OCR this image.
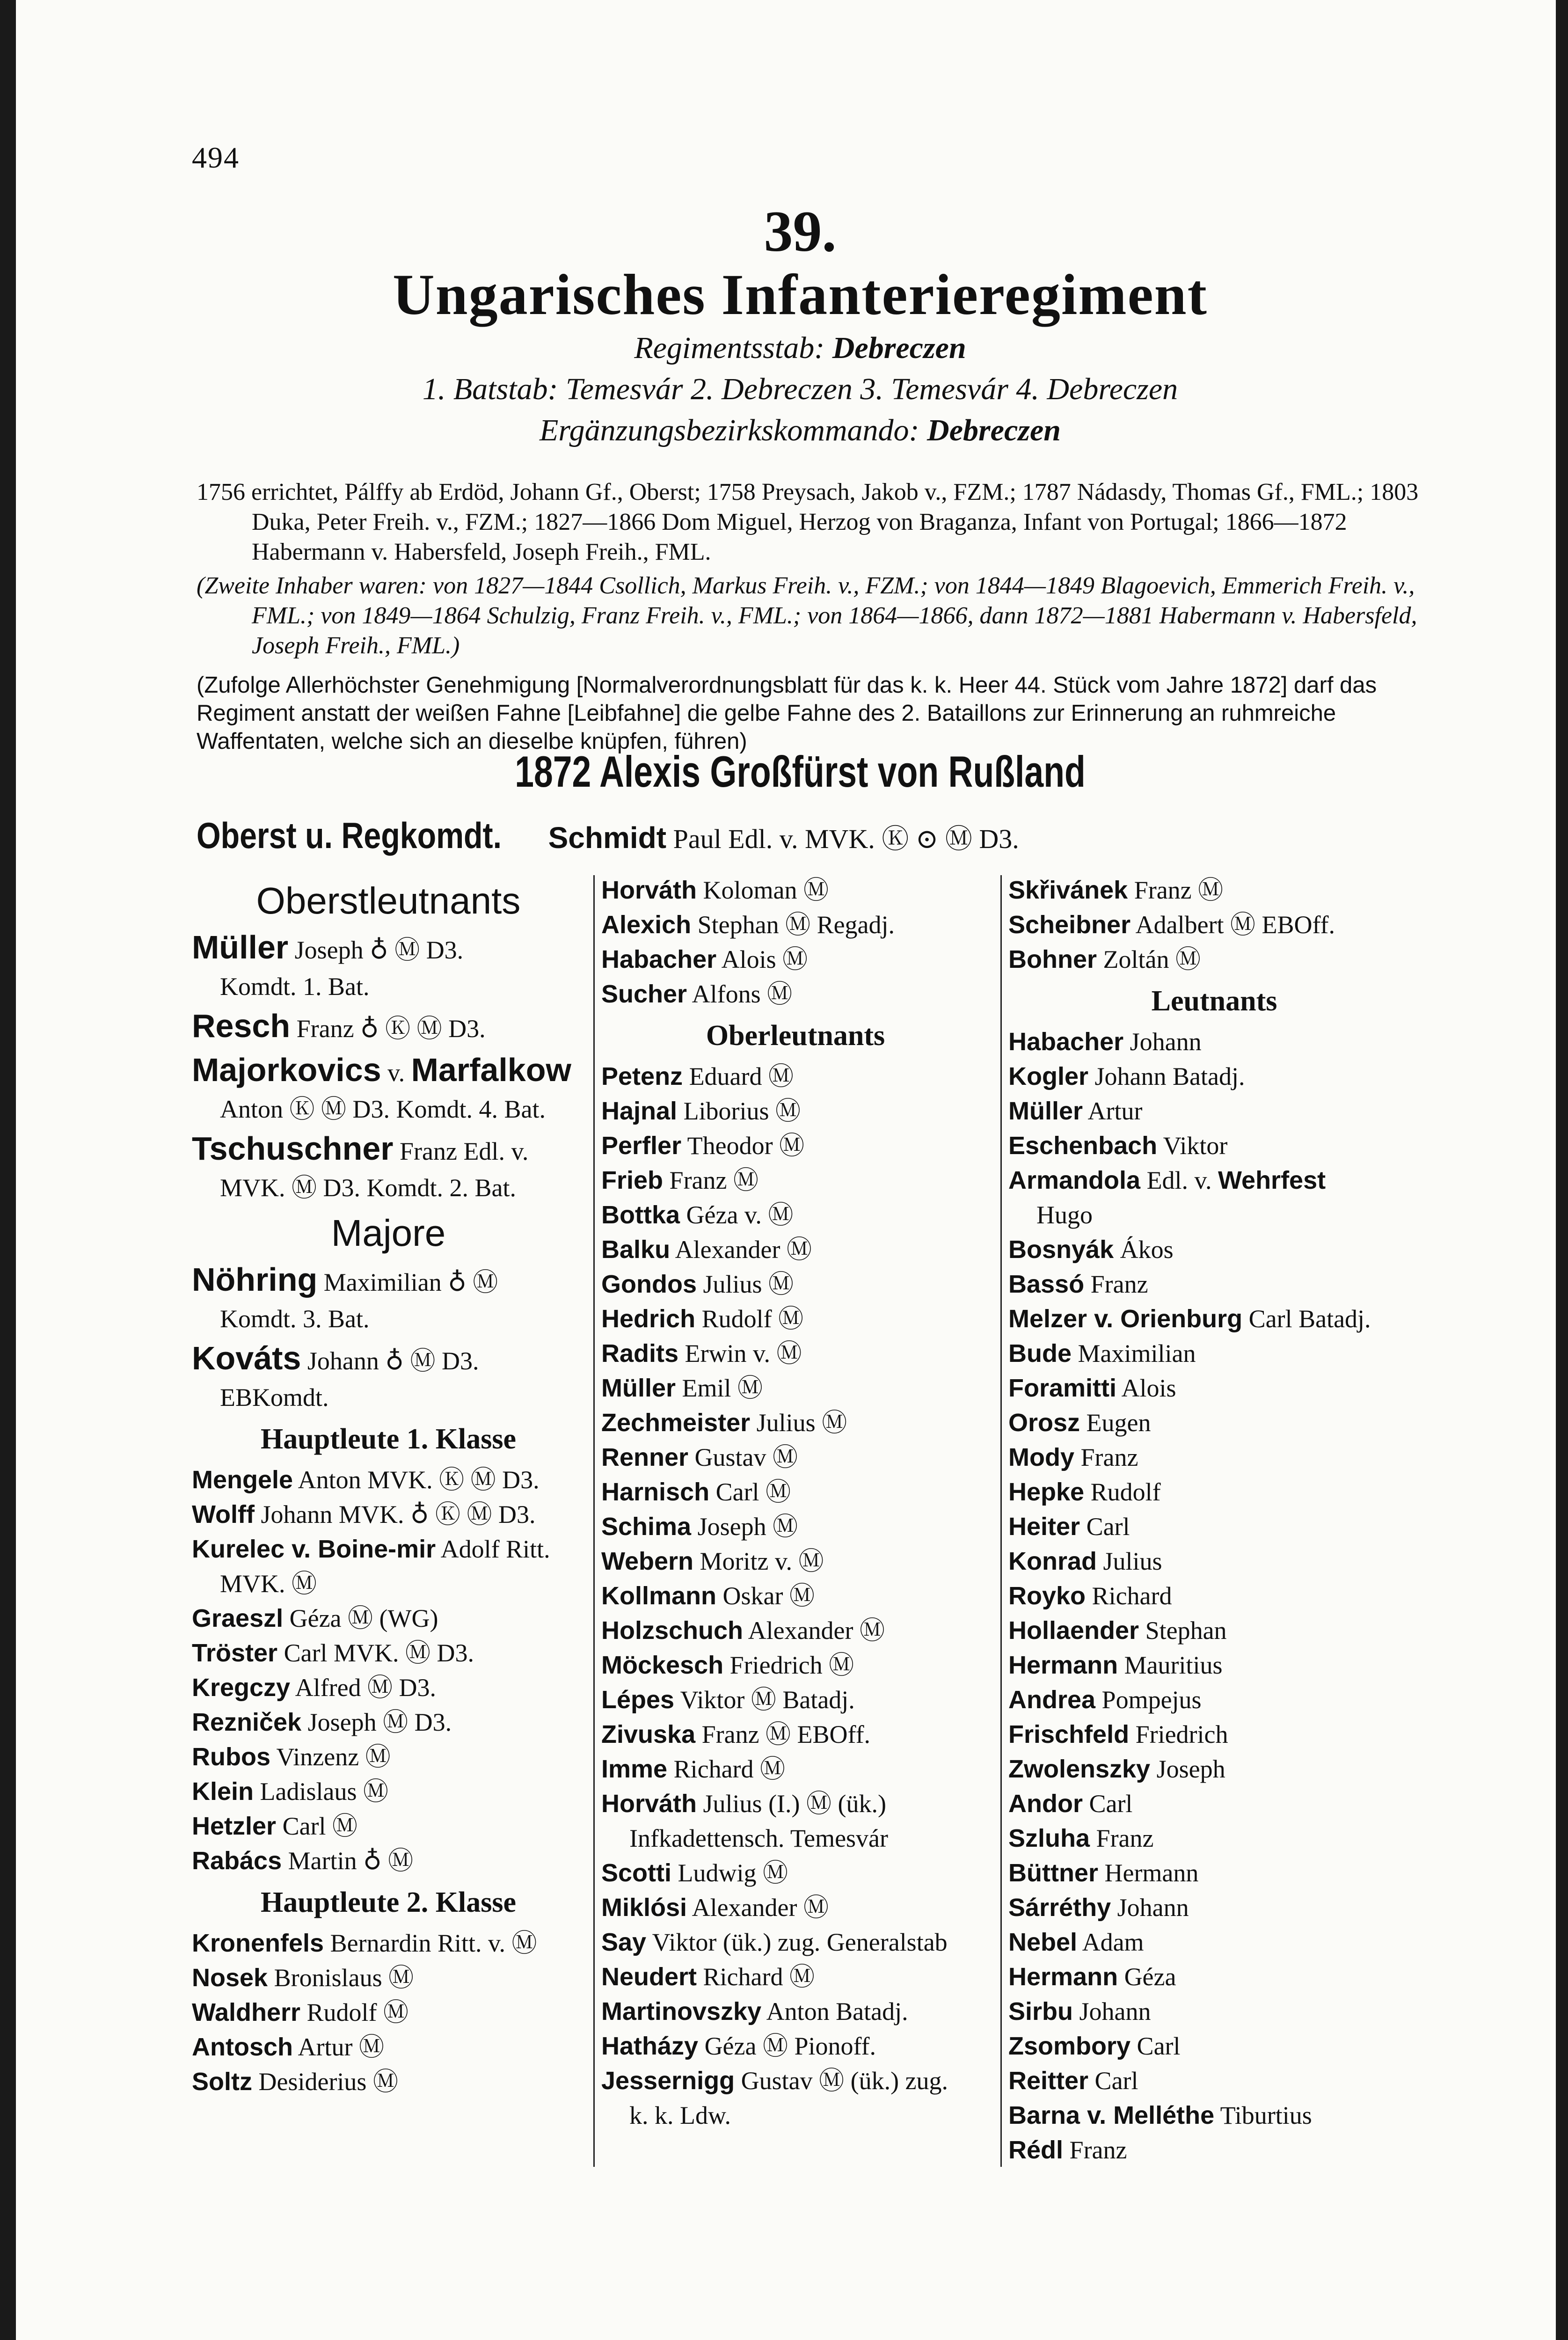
494
39.
Ungarisches Infanterieregiment
Regimentsstab: Debreczen
1. Batstab: Temesvár 2. Debreczen 3. Temesvár 4. Debreczen
Ergänzungsbezirkskommando: Debreczen

1756 errichtet, Pálffy ab Erdöd, Johann Gf., Oberst; 1758 Preysach, Jakob v., FZM.; 1787 Nádasdy, Thomas Gf., FML.; 1803 Duka, Peter Freih. v., FZM.; 1827—1866 Dom Miguel, Herzog von Braganza, Infant von Portugal; 1866—1872 Habermann v. Habersfeld, Joseph Freih., FML.

(Zweite Inhaber waren: von 1827—1844 Csollich, Markus Freih. v., FZM.; von 1844—1849 Blagoevich, Emmerich Freih. v., FML.; von 1849—1864 Schulzig, Franz Freih. v., FML.; von 1864—1866, dann 1872—1881 Habermann v. Habersfeld, Joseph Freih., FML.)

(Zufolge Allerhöchster Genehmigung [Normalverordnungsblatt für das k. k. Heer 44. Stück vom Jahre 1872] darf das Regiment anstatt der weißen Fahne [Leibfahne] die gelbe Fahne des 2. Bataillons zur Erinnerung an ruhmreiche Waffentaten, welche sich an dieselbe knüpfen, führen)

1872 Alexis Großfürst von Rußland
Oberst u. Regkomdt. Schmidt Paul Edl. v. MVK. Ⓚ ⊙ Ⓜ D3.
Oberstleutnants
Müller Joseph ♁ Ⓜ D3.
Komdt. 1. Bat.
Resch Franz ♁ Ⓚ Ⓜ D3.
Majorkovics v. Marfalkow
Anton Ⓚ Ⓜ D3. Komdt. 4. Bat.
Tschuschner Franz Edl. v.
MVK. Ⓜ D3. Komdt. 2. Bat.
Majore
Nöhring Maximilian ♁ Ⓜ
Komdt. 3. Bat.
Kováts Johann ♁ Ⓜ D3.
EBKomdt.
Hauptleute 1. Klasse
Mengele Anton MVK. Ⓚ Ⓜ D3.
Wolff Johann MVK. ♁ Ⓚ Ⓜ D3.
Kurelec v. Boine-mir Adolf Ritt.
MVK. Ⓜ
Graeszl Géza Ⓜ (WG)
Tröster Carl MVK. Ⓜ D3.
Kregczy Alfred Ⓜ D3.
Rezniček Joseph Ⓜ D3.
Rubos Vinzenz Ⓜ
Klein Ladislaus Ⓜ
Hetzler Carl Ⓜ
Rabács Martin ♁ Ⓜ
Hauptleute 2. Klasse
Kronenfels Bernardin Ritt. v. Ⓜ
Nosek Bronislaus Ⓜ
Waldherr Rudolf Ⓜ
Antosch Artur Ⓜ
Soltz Desiderius Ⓜ
Horváth Koloman Ⓜ
Alexich Stephan Ⓜ Regadj.
Habacher Alois Ⓜ
Sucher Alfons Ⓜ
Oberleutnants
Petenz Eduard Ⓜ
Hajnal Liborius Ⓜ
Perfler Theodor Ⓜ
Frieb Franz Ⓜ
Bottka Géza v. Ⓜ
Balku Alexander Ⓜ
Gondos Julius Ⓜ
Hedrich Rudolf Ⓜ
Radits Erwin v. Ⓜ
Müller Emil Ⓜ
Zechmeister Julius Ⓜ
Renner Gustav Ⓜ
Harnisch Carl Ⓜ
Schima Joseph Ⓜ
Webern Moritz v. Ⓜ
Kollmann Oskar Ⓜ
Holzschuch Alexander Ⓜ
Möckesch Friedrich Ⓜ
Lépes Viktor Ⓜ Batadj.
Zivuska Franz Ⓜ EBOff.
Imme Richard Ⓜ
Horváth Julius (I.) Ⓜ (ük.)
Infkadettensch. Temesvár
Scotti Ludwig Ⓜ
Miklósi Alexander Ⓜ
Say Viktor (ük.) zug. Generalstab
Neudert Richard Ⓜ
Martinovszky Anton Batadj.
Hatházy Géza Ⓜ Pionoff.
Jessernigg Gustav Ⓜ (ük.) zug.
k. k. Ldw.
Skřivánek Franz Ⓜ
Scheibner Adalbert Ⓜ EBOff.
Bohner Zoltán Ⓜ
Leutnants
Habacher Johann
Kogler Johann Batadj.
Müller Artur
Eschenbach Viktor
Armandola Edl. v. Wehrfest
Hugo
Bosnyák Ákos
Bassó Franz
Melzer v. Orienburg Carl Batadj.
Bude Maximilian
Foramitti Alois
Orosz Eugen
Mody Franz
Hepke Rudolf
Heiter Carl
Konrad Julius
Royko Richard
Hollaender Stephan
Hermann Mauritius
Andrea Pompejus
Frischfeld Friedrich
Zwolenszky Joseph
Andor Carl
Szluha Franz
Büttner Hermann
Sárréthy Johann
Nebel Adam
Hermann Géza
Sirbu Johann
Zsombory Carl
Reitter Carl
Barna v. Melléthe Tiburtius
Rédl Franz
